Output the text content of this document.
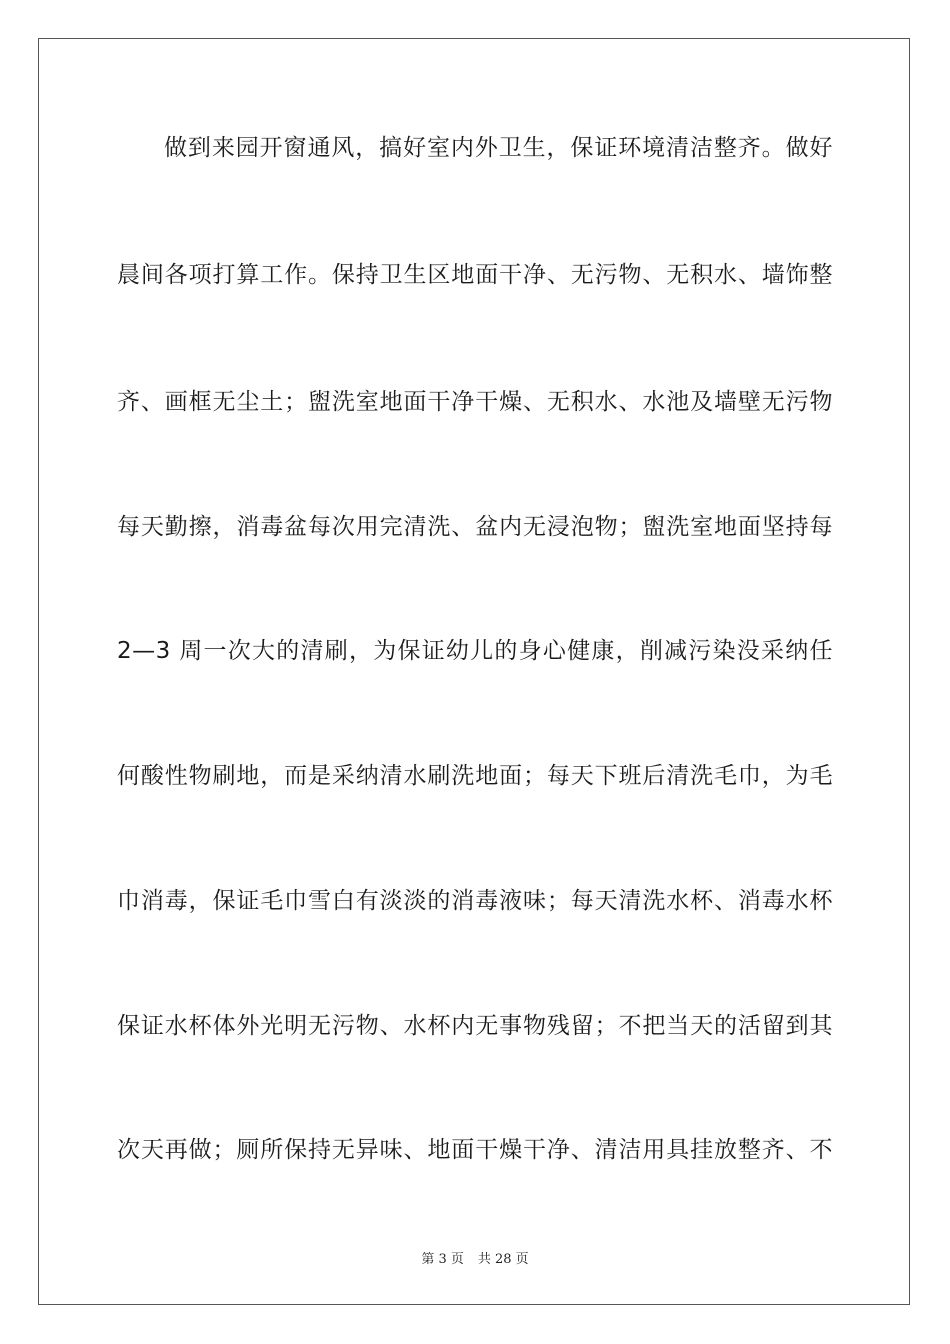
做到来园开窗通风，搞好室内外卫生，保证环境清洁整齐。做好
晨间各项打算工作。保持卫生区地面干净、无污物、无积水、墙饰整
齐、画框无尘土；盥洗室地面干净干燥、无积水、水池及墙壁无污物
每天勤擦，消毒盆每次用完清洗、盆内无浸泡物；盥洗室地面坚持每
2—3 周一次大的清刷，为保证幼儿的身心健康，削减污染没采纳任
何酸性物刷地，而是采纳清水刷洗地面；每天下班后清洗毛巾，为毛
巾消毒，保证毛巾雪白有淡淡的消毒液味；每天清洗水杯、消毒水杯
保证水杯体外光明无污物、水杯内无事物残留；不把当天的活留到其
次天再做；厕所保持无异味、地面干燥干净、清洁用具挂放整齐、不
第 3 页 共 28 页
